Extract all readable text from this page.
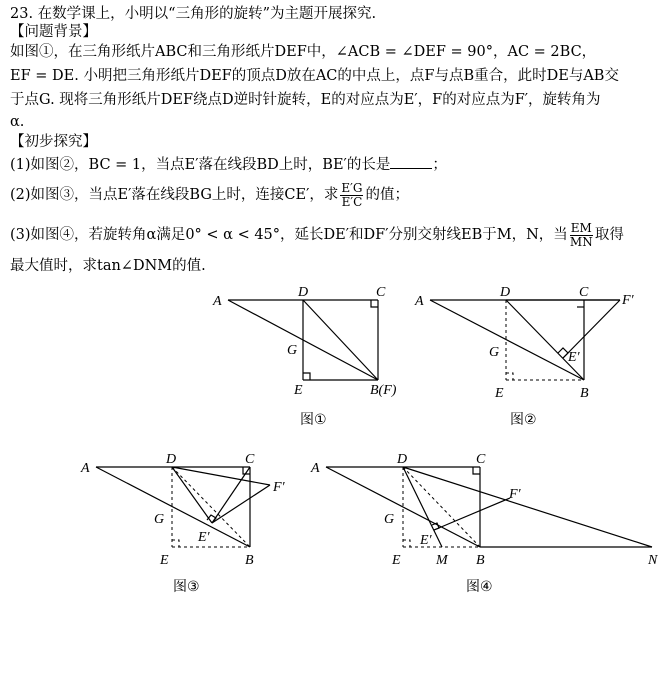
23. 在数学课上，小明以“三角形的旋转”为主题开展探究.
【问题背景】
如图①，在三角形纸片ABC和三角形纸片DEF中，∠ACB = ∠DEF = 90°，AC = 2BC，
EF = DE. 小明把三角形纸片DEF的顶点D放在AC的中点上，点F与点B重合，此时DE与AB交
于点G. 现将三角形纸片DEF绕点D逆时针旋转，E的对应点为E′，F的对应点为F′，旋转角为
α.
【初步探究】
(1)如图②，BC = 1，当点E′落在线段BD上时，BE′的长是	；
(2)如图③，当点E′落在线段BG上时，连接CE′，求 $\frac{E'G}{E'C}$ 的值；
(3)如图④，若旋转角α满足0° < α < 45°，延长DE′和DF′分别交射线EB于M，N，当 $\frac{EM}{MN}$ 取得
最大值时，求tan∠DNM的值.
A
D	C
G
E	B(F)
图①
A
D	C
F′
G	E′
E	B
图②
A
D	C
F′
G
E′
E	B
图③
A
D	C
F′
G
E′
E	M B	N
图④
